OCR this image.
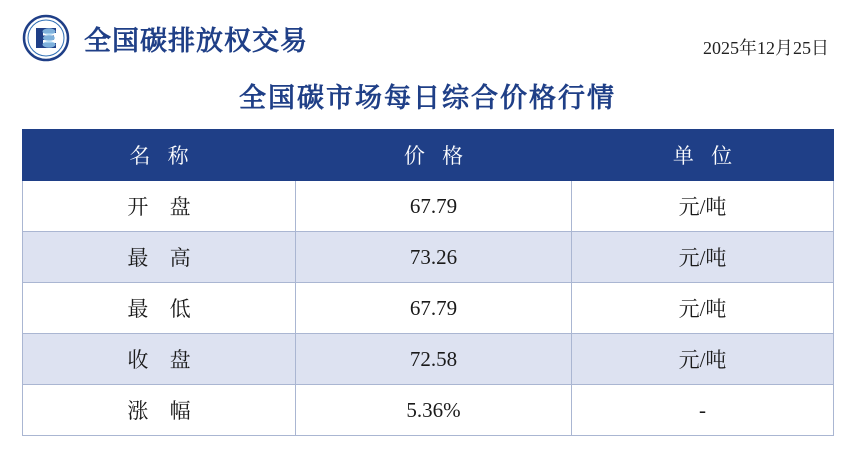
全国碳排放权交易	2025年12月25日
全国碳市场每日综合价格行情
名 称	价 格	单 位
开 盘	67.79	元/吨
最 高	73.26	元/吨
最 低	67.79	元/吨
收 盘	72.58	元/吨
涨 幅	5.36%	-
